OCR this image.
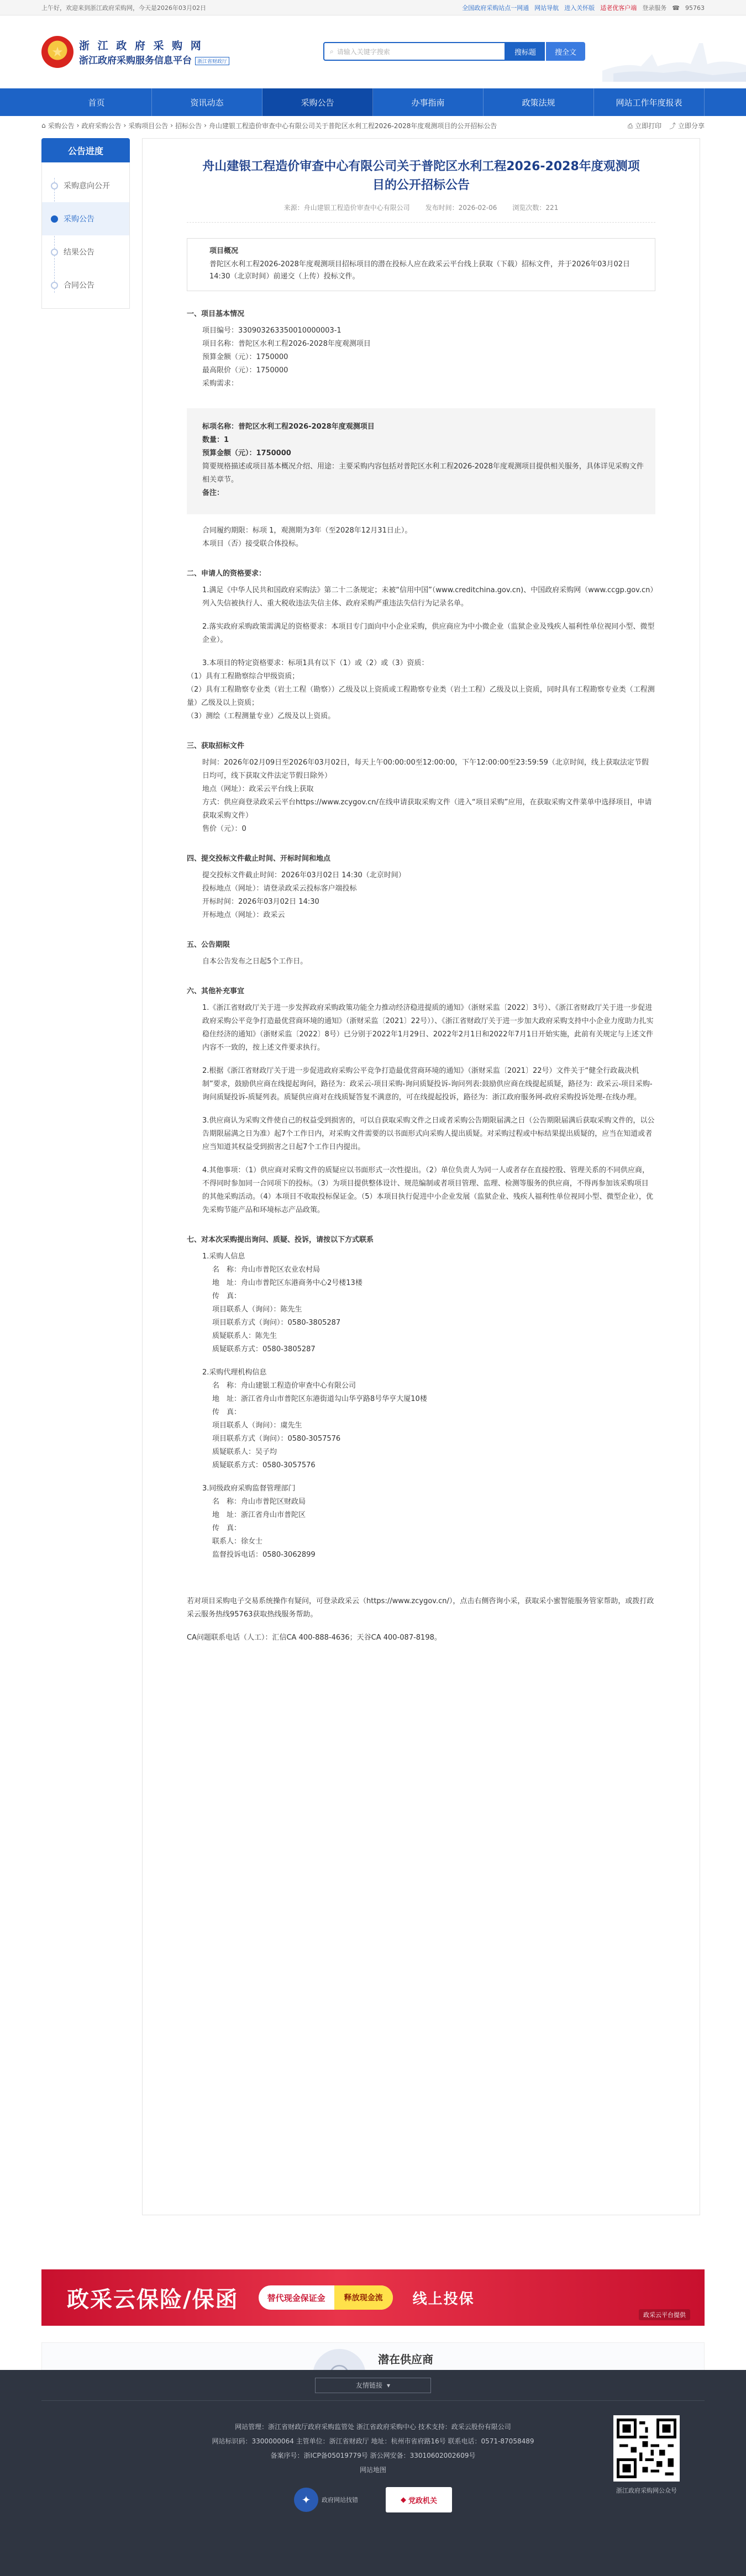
上午好，欢迎来到浙江政府采购网，今天是2026年03月02日	全国政府采购站点一网通 网站导航 进入关怀版 适老优客户端 登录服务 ☎ 95763
★	浙 江 政 府 采 购 网
浙江政府采购服务信息平台 浙江省财政厅
⌕ 请输入关键字搜索	搜标题	搜全文
首页	资讯动态	采购公告	办事指南	政策法规	网站工作年度报表
⌂ 采购公告 › 政府采购公告 › 采购项目公告 › 招标公告 › 舟山建银工程造价审查中心有限公司关于普陀区水利工程2026-2028年度观测项目的公开招标公告	⎙ 立即打印 ⤴ 立即分享
公告进度
采购意向公开
采购公告
结果公告
合同公告
舟山建银工程造价审查中心有限公司关于普陀区水利工程2026-2028年度观测项目的公开招标公告
来源：舟山建银工程造价审查中心有限公司 发布时间：2026-02-06 浏览次数：221
项目概况
普陀区水利工程2026-2028年度观测项目招标项目的潜在投标人应在政采云平台线上获取（下载）招标文件，并于2026年03月02日 14:30（北京时间）前递交（上传）投标文件。
一、项目基本情况

项目编号：330903263350010000003-1

项目名称：普陀区水利工程2026-2028年度观测项目

预算金额（元）：1750000

最高限价（元）：1750000

采购需求：

标项名称：普陀区水利工程2026-2028年度观测项目

数量：1

预算金额（元）：1750000

简要规格描述或项目基本概况介绍、用途：主要采购内容包括对普陀区水利工程2026-2028年度观测项目提供相关服务，具体详见采购文件相关章节。

备注：

合同履约期限：标项 1，观测期为3年（至2028年12月31日止）。

本项目（否）接受联合体投标。

二、申请人的资格要求：

1.满足《中华人民共和国政府采购法》第二十二条规定；未被“信用中国”（www.creditchina.gov.cn)、中国政府采购网（www.ccgp.gov.cn）列入失信被执行人、重大税收违法失信主体、政府采购严重违法失信行为记录名单。

2.落实政府采购政策需满足的资格要求：本项目专门面向中小企业采购，供应商应为中小微企业（监狱企业及残疾人福利性单位视同小型、微型企业）。

3.本项目的特定资格要求：标项1具有以下（1）或（2）或（3）资质：

（1）具有工程勘察综合甲级资质；

（2）具有工程勘察专业类（岩土工程（勘察））乙级及以上资质或工程勘察专业类（岩土工程）乙级及以上资质，同时具有工程勘察专业类（工程测量）乙级及以上资质；

（3）测绘（工程测量专业）乙级及以上资质。

三、获取招标文件

时间：2026年02月09日至2026年03月02日，每天上午00:00:00至12:00:00，下午12:00:00至23:59:59（北京时间，线上获取法定节假日均可，线下获取文件法定节假日除外）

地点（网址）：政采云平台线上获取

方式：供应商登录政采云平台https://www.zcygov.cn/在线申请获取采购文件（进入“项目采购”应用，在获取采购文件菜单中选择项目，申请获取采购文件）

售价（元）：0

四、提交投标文件截止时间、开标时间和地点

提交投标文件截止时间：2026年03月02日 14:30（北京时间）

投标地点（网址）：请登录政采云投标客户端投标

开标时间：2026年03月02日 14:30

开标地点（网址）：政采云

五、公告期限

自本公告发布之日起5个工作日。

六、其他补充事宜

1.《浙江省财政厅关于进一步发挥政府采购政策功能全力推动经济稳进提质的通知》（浙财采监〔2022〕3号）、《浙江省财政厅关于进一步促进政府采购公平竞争打造最优营商环境的通知》（浙财采监〔2021〕22号））、《浙江省财政厅关于进一步加大政府采购支持中小企业力度助力扎实稳住经济的通知》（浙财采监〔2022〕8号）已分别于2022年1月29日、2022年2月1日和2022年7月1日开始实施，此前有关规定与上述文件内容不一致的，按上述文件要求执行。

2.根据《浙江省财政厅关于进一步促进政府采购公平竞争打造最优营商环境的通知》（浙财采监〔2021〕22号）文件关于“健全行政裁决机制”要求，鼓励供应商在线提起询问，路径为：政采云-项目采购-询问质疑投诉-询问列表:鼓励供应商在线提起质疑，路径为：政采云-项目采购-询问质疑投诉-质疑列表。质疑供应商对在线质疑答复不满意的，可在线提起投诉，路径为：浙江政府服务网-政府采购投诉处理-在线办理。

3.供应商认为采购文件使自己的权益受到损害的，可以自获取采购文件之日或者采购公告期限届满之日（公告期限届满后获取采购文件的，以公告期限届满之日为准）起7个工作日内，对采购文件需要的以书面形式向采购人提出质疑。对采购过程或中标结果提出质疑的，应当在知道或者应当知道其权益受到损害之日起7个工作日内提出。

4.其他事项：（1）供应商对采购文件的质疑应以书面形式一次性提出。（2）单位负责人为同一人或者存在直接控股、管理关系的不同供应商，不得同时参加同一合同项下的投标。（3）为项目提供整体设计、规范编制或者项目管理、监理、检测等服务的供应商，不得再参加该采购项目的其他采购活动。（4）本项目不收取投标保证金。（5）本项目执行促进中小企业发展（监狱企业、残疾人福利性单位视同小型、微型企业），优先采购节能产品和环境标志产品政策。

七、对本次采购提出询问、质疑、投诉，请按以下方式联系

1.采购人信息

名　称：舟山市普陀区农业农村局

地　址：舟山市普陀区东港商务中心2号楼13楼

传　真：

项目联系人（询问）：陈先生

项目联系方式（询问）：0580-3805287

质疑联系人：陈先生

质疑联系方式：0580-3805287

2.采购代理机构信息

名　称：舟山建银工程造价审查中心有限公司

地　址：浙江省舟山市普陀区东港街道勾山华亨路8号华亨大厦10楼

传　真：

项目联系人（询问）：虞先生

项目联系方式（询问）：0580-3057576

质疑联系人：吴子均

质疑联系方式：0580-3057576

3.同级政府采购监督管理部门

名　称：舟山市普陀区财政局

地　址：浙江省舟山市普陀区

传　真：

联系人：徐女士

监督投诉电话：0580-3062899

若对项目采购电子交易系统操作有疑问，可登录政采云（https://www.zcygov.cn/），点击右侧咨询小采，获取采小蜜智能服务管家帮助，或拨打政采云服务热线95763获取热线服务帮助。

CA问题联系电话（人工）：汇信CA 400-888-4636；天谷CA 400-087-8198。

政采云保险/保函	替代现金保证金	释放现金流	线上投保
政采云平台提供
潜在供应商
友情链接 ▾

网站管理：浙江省财政厅政府采购监管处 浙江省政府采购中心 技术支持：政采云股份有限公司

网站标识码：3300000064 主管单位：浙江省财政厅 地址：杭州市省府路16号 联系电话：0571-87058489

备案序号：浙ICP备05019779号 浙公网安备：33010602002609号

网站地图

✦	政府网站找错	◆ 党政机关
浙江政府采购网公众号
